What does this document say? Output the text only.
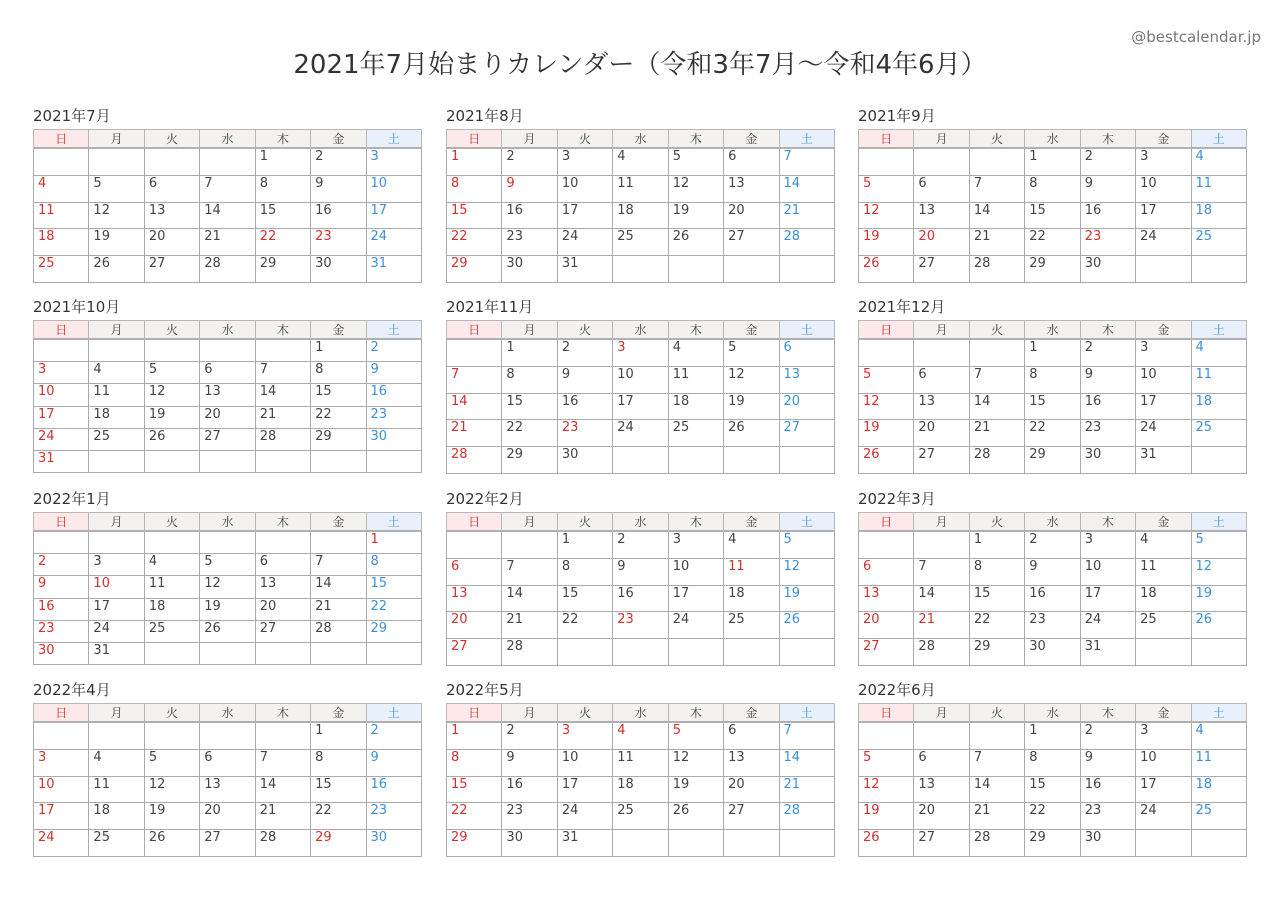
@bestcalendar.jp
2021年7月始まりカレンダー（令和3年7月〜令和4年6月）
2021年7月
日	月	火	水	木	金	土
				1	2	3
4	5	6	7	8	9	10
11	12	13	14	15	16	17
18	19	20	21	22	23	24
25	26	27	28	29	30	31
2021年8月
日	月	火	水	木	金	土
1	2	3	4	5	6	7
8	9	10	11	12	13	14
15	16	17	18	19	20	21
22	23	24	25	26	27	28
29	30	31				
2021年9月
日	月	火	水	木	金	土
			1	2	3	4
5	6	7	8	9	10	11
12	13	14	15	16	17	18
19	20	21	22	23	24	25
26	27	28	29	30		
2021年10月
日	月	火	水	木	金	土
					1	2
3	4	5	6	7	8	9
10	11	12	13	14	15	16
17	18	19	20	21	22	23
24	25	26	27	28	29	30
31						
2021年11月
日	月	火	水	木	金	土
	1	2	3	4	5	6
7	8	9	10	11	12	13
14	15	16	17	18	19	20
21	22	23	24	25	26	27
28	29	30				
2021年12月
日	月	火	水	木	金	土
			1	2	3	4
5	6	7	8	9	10	11
12	13	14	15	16	17	18
19	20	21	22	23	24	25
26	27	28	29	30	31	
2022年1月
日	月	火	水	木	金	土
						1
2	3	4	5	6	7	8
9	10	11	12	13	14	15
16	17	18	19	20	21	22
23	24	25	26	27	28	29
30	31					
2022年2月
日	月	火	水	木	金	土
		1	2	3	4	5
6	7	8	9	10	11	12
13	14	15	16	17	18	19
20	21	22	23	24	25	26
27	28					
2022年3月
日	月	火	水	木	金	土
		1	2	3	4	5
6	7	8	9	10	11	12
13	14	15	16	17	18	19
20	21	22	23	24	25	26
27	28	29	30	31		
2022年4月
日	月	火	水	木	金	土
					1	2
3	4	5	6	7	8	9
10	11	12	13	14	15	16
17	18	19	20	21	22	23
24	25	26	27	28	29	30
2022年5月
日	月	火	水	木	金	土
1	2	3	4	5	6	7
8	9	10	11	12	13	14
15	16	17	18	19	20	21
22	23	24	25	26	27	28
29	30	31				
2022年6月
日	月	火	水	木	金	土
			1	2	3	4
5	6	7	8	9	10	11
12	13	14	15	16	17	18
19	20	21	22	23	24	25
26	27	28	29	30		
